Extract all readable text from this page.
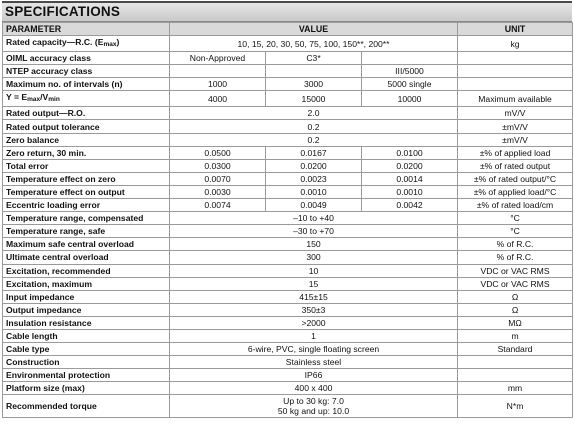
SPECIFICATIONS
PARAMETER	VALUE			UNIT
Rated capacity—R.C. (Emax)	10, 15, 20, 30, 50, 75, 100, 150**, 200**			kg
OIML accuracy class	Non-Approved	C3*		
NTEP accuracy class			III/5000	
Maximum no. of intervals (n)	1000	3000	5000 single	
Y = Emax/Vmin	4000	15000	10000	Maximum available
Rated output—R.O.	2.0			mV/V
Rated output tolerance	0.2			±mV/V
Zero balance	0.2			±mV/V
Zero return, 30 min.	0.0500	0.0167	0.0100	±% of applied load
Total error	0.0300	0.0200	0.0200	±% of rated output
Temperature effect on zero	0.0070	0.0023	0.0014	±% of rated output/°C
Temperature effect on output	0.0030	0.0010	0.0010	±% of applied load/°C
Eccentric loading error	0.0074	0.0049	0.0042	±% of rated load/cm
Temperature range, compensated	–10 to +40			°C
Temperature range, safe	–30 to +70			°C
Maximum safe central overload	150			% of R.C.
Ultimate central overload	300			% of R.C.
Excitation, recommended	10			VDC or VAC RMS
Excitation, maximum	15			VDC or VAC RMS
Input impedance	415±15			Ω
Output impedance	350±3			Ω
Insulation resistance	>2000			MΩ
Cable length	1			m
Cable type	6-wire, PVC, single floating screen			Standard
Construction	Stainless steel			
Environmental protection	IP66			
Platform size (max)	400 x 400			mm
Recommended torque	Up to 30 kg: 7.0
50 kg and up: 10.0			N*m
